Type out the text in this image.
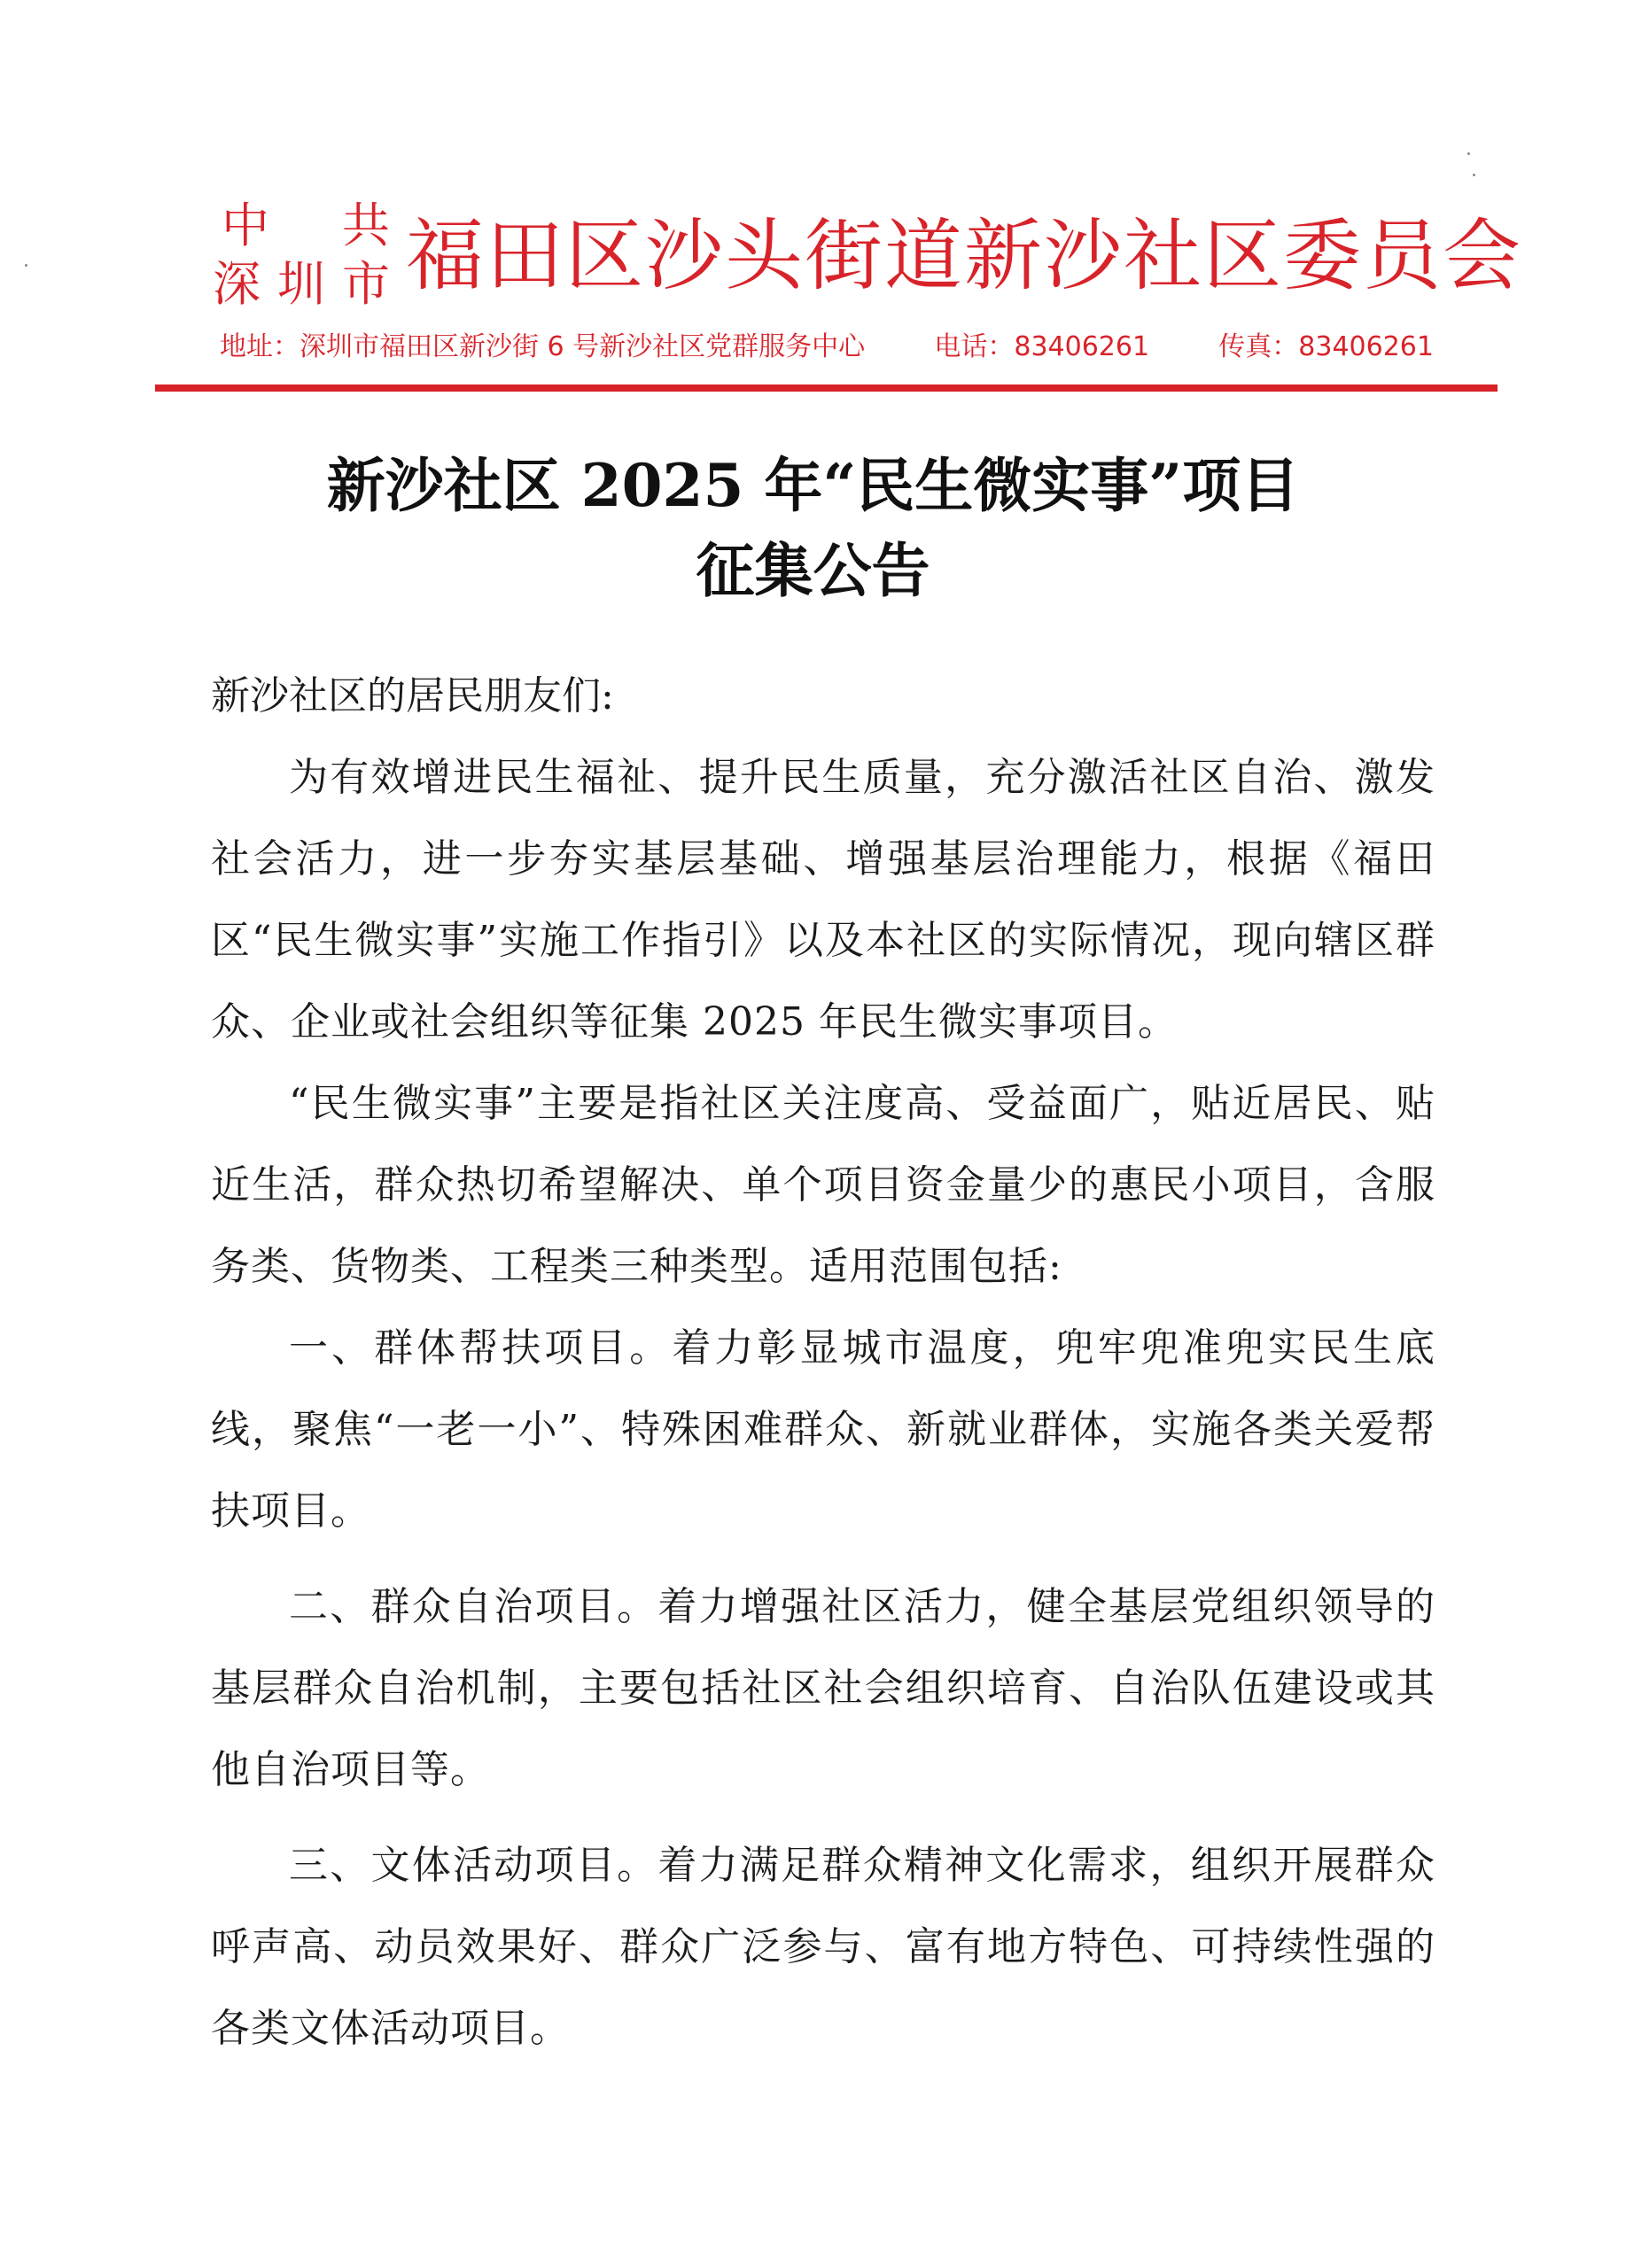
中 共
深 圳 市 福田区沙头街道新沙社区委员会
地址：深圳市福田区新沙街 6 号新沙社区党群服务中心	电话：83406261	传真：83406261
新沙社区 2025 年“民生微实事”项目
征集公告

新沙社区的居民朋友们:

为有效增进民生福祉、提升民生质量，充分激活社区自治、激发社会活力，进一步夯实基层基础、增强基层治理能力，根据《福田区“民生微实事”实施工作指引》以及本社区的实际情况，现向辖区群众、企业或社会组织等征集 2025 年民生微实事项目。

“民生微实事”主要是指社区关注度高、受益面广，贴近居民、贴近生活，群众热切希望解决、单个项目资金量少的惠民小项目，含服务类、货物类、工程类三种类型。适用范围包括:

一、群体帮扶项目。着力彰显城市温度，兜牢兜准兜实民生底线，聚焦“一老一小”、特殊困难群众、新就业群体，实施各类关爱帮扶项目。

二、群众自治项目。着力增强社区活力，健全基层党组织领导的基层群众自治机制，主要包括社区社会组织培育、自治队伍建设或其他自治项目等。

三、文体活动项目。着力满足群众精神文化需求，组织开展群众呼声高、动员效果好、群众广泛参与、富有地方特色、可持续性强的各类文体活动项目。
